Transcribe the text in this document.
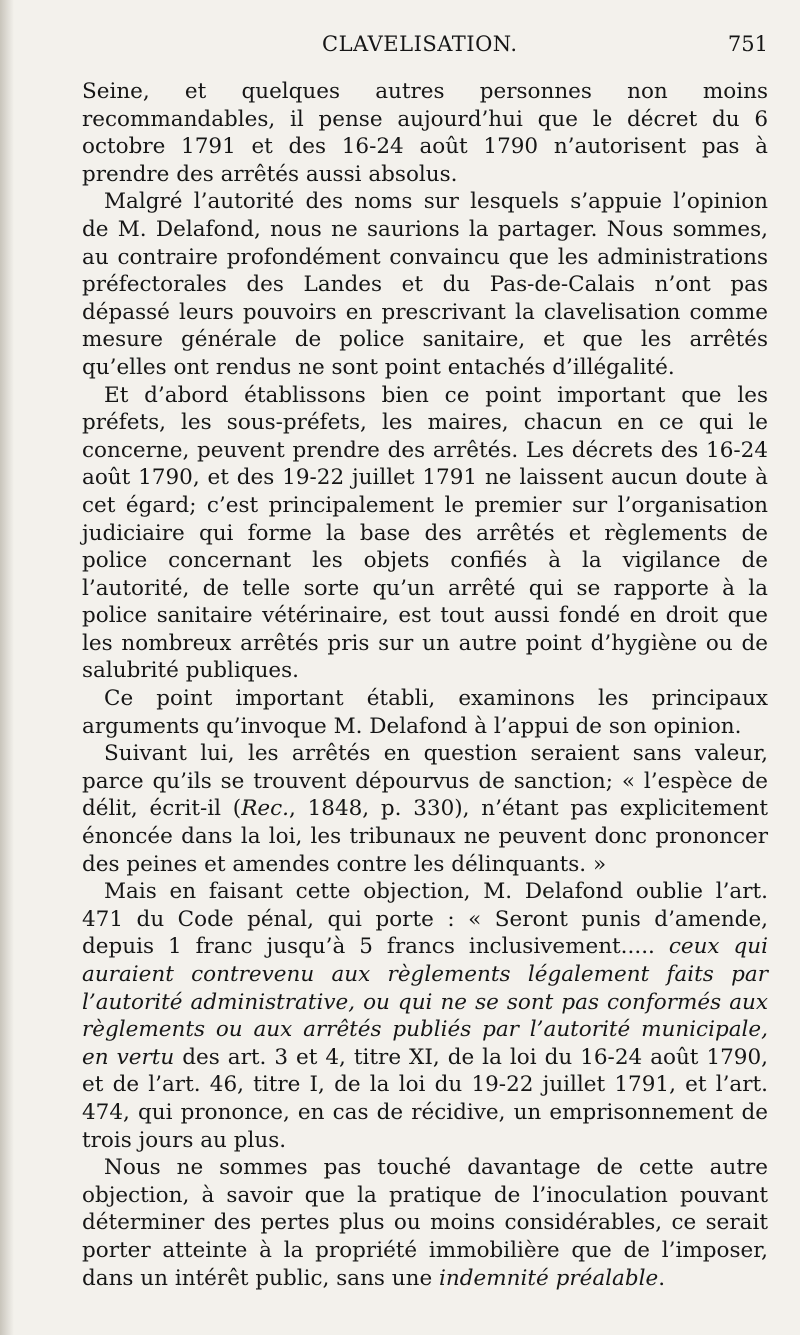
CLAVELISATION.	751

Seine, et quelques autres personnes non moins recommandables, il pense aujourd’hui que le décret du 6 octobre 1791 et des 16-24 août 1790 n’autorisent pas à prendre des arrêtés aussi absolus.

Malgré l’autorité des noms sur lesquels s’appuie l’opinion de M. Delafond, nous ne saurions la partager. Nous sommes, au contraire profondément convaincu que les administrations préfectorales des Landes et du Pas-de-Calais n’ont pas dépassé leurs pouvoirs en prescrivant la clavelisation comme mesure générale de police sanitaire, et que les arrêtés qu’elles ont rendus ne sont point entachés d’illégalité.

Et d’abord établissons bien ce point important que les préfets, les sous-préfets, les maires, chacun en ce qui le concerne, peuvent prendre des arrêtés. Les décrets des 16-24 août 1790, et des 19-22 juillet 1791 ne laissent aucun doute à cet égard; c’est principalement le premier sur l’organisation judiciaire qui forme la base des arrêtés et règlements de police concernant les objets confiés à la vigilance de l’autorité, de telle sorte qu’un arrêté qui se rapporte à la police sanitaire vétérinaire, est tout aussi fondé en droit que les nombreux arrêtés pris sur un autre point d’hygiène ou de salubrité publiques.

Ce point important établi, examinons les principaux arguments qu’invoque M. Delafond à l’appui de son opinion.

Suivant lui, les arrêtés en question seraient sans valeur, parce qu’ils se trouvent dépourvus de sanction; « l’espèce de délit, écrit-il (Rec., 1848, p. 330), n’étant pas explicitement énoncée dans la loi, les tribunaux ne peuvent donc prononcer des peines et amendes contre les délinquants. »

Mais en faisant cette objection, M. Delafond oublie l’art. 471 du Code pénal, qui porte : « Seront punis d’amende, depuis 1 franc jusqu’à 5 francs inclusivement..... ceux qui auraient contrevenu aux règlements légalement faits par l’autorité administrative, ou qui ne se sont pas conformés aux règlements ou aux arrêtés publiés par l’autorité municipale, en vertu des art. 3 et 4, titre XI, de la loi du 16-24 août 1790, et de l’art. 46, titre I, de la loi du 19-22 juillet 1791, et l’art. 474, qui prononce, en cas de récidive, un emprisonnement de trois jours au plus.

Nous ne sommes pas touché davantage de cette autre objection, à savoir que la pratique de l’inoculation pouvant déterminer des pertes plus ou moins considérables, ce serait porter atteinte à la propriété immobilière que de l’imposer, dans un intérêt public, sans une indemnité préalable.
